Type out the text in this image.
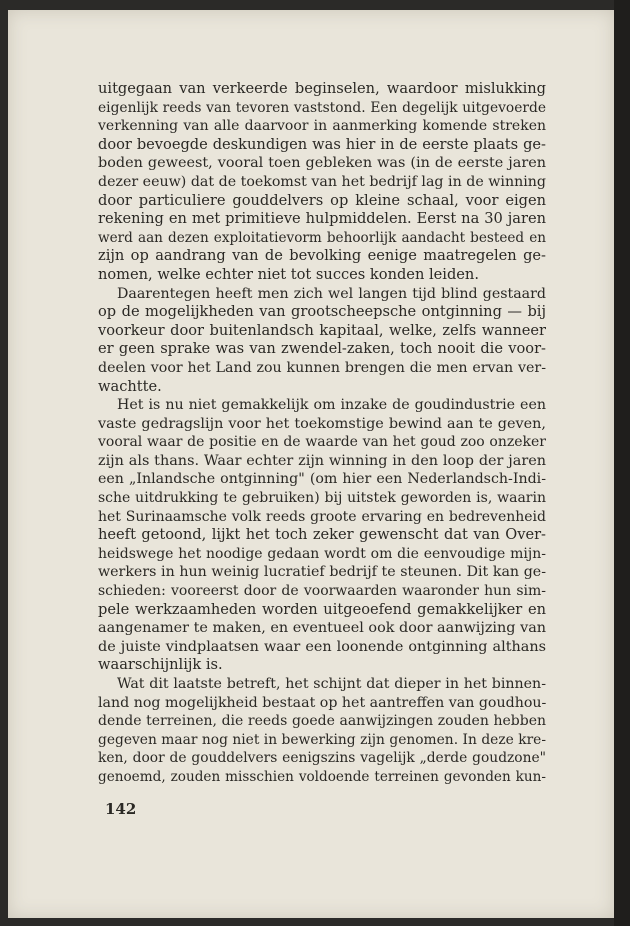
uitgegaan van verkeerde beginselen, waardoor mislukking
eigenlijk reeds van tevoren vaststond. Een degelijk uitgevoerde
verkenning van alle daarvoor in aanmerking komende streken
door bevoegde deskundigen was hier in de eerste plaats ge-
boden geweest, vooral toen gebleken was (in de eerste jaren
dezer eeuw) dat de toekomst van het bedrijf lag in de winning
door particuliere gouddelvers op kleine schaal, voor eigen
rekening en met primitieve hulpmiddelen. Eerst na 30 jaren
werd aan dezen exploitatievorm behoorlijk aandacht besteed en
zijn op aandrang van de bevolking eenige maatregelen ge-
nomen, welke echter niet tot succes konden leiden.
Daarentegen heeft men zich wel langen tijd blind gestaard
op de mogelijkheden van grootscheepsche ontginning — bij
voorkeur door buitenlandsch kapitaal, welke, zelfs wanneer
er geen sprake was van zwendel-zaken, toch nooit die voor-
deelen voor het Land zou kunnen brengen die men ervan ver-
wachtte.
Het is nu niet gemakkelijk om inzake de goudindustrie een
vaste gedragslijn voor het toekomstige bewind aan te geven,
vooral waar de positie en de waarde van het goud zoo onzeker
zijn als thans. Waar echter zijn winning in den loop der jaren
een „Inlandsche ontginning" (om hier een Nederlandsch-Indi-
sche uitdrukking te gebruiken) bij uitstek geworden is, waarin
het Surinaamsche volk reeds groote ervaring en bedrevenheid
heeft getoond, lijkt het toch zeker gewenscht dat van Over-
heidswege het noodige gedaan wordt om die eenvoudige mijn-
werkers in hun weinig lucratief bedrijf te steunen. Dit kan ge-
schieden: vooreerst door de voorwaarden waaronder hun sim-
pele werkzaamheden worden uitgeoefend gemakkelijker en
aangenamer te maken, en eventueel ook door aanwijzing van
de juiste vindplaatsen waar een loonende ontginning althans
waarschijnlijk is.
Wat dit laatste betreft, het schijnt dat dieper in het binnen-
land nog mogelijkheid bestaat op het aantreffen van goudhou-
dende terreinen, die reeds goede aanwijzingen zouden hebben
gegeven maar nog niet in bewerking zijn genomen. In deze kre-
ken, door de gouddelvers eenigszins vagelijk „derde goudzone"
genoemd, zouden misschien voldoende terreinen gevonden kun-
142
